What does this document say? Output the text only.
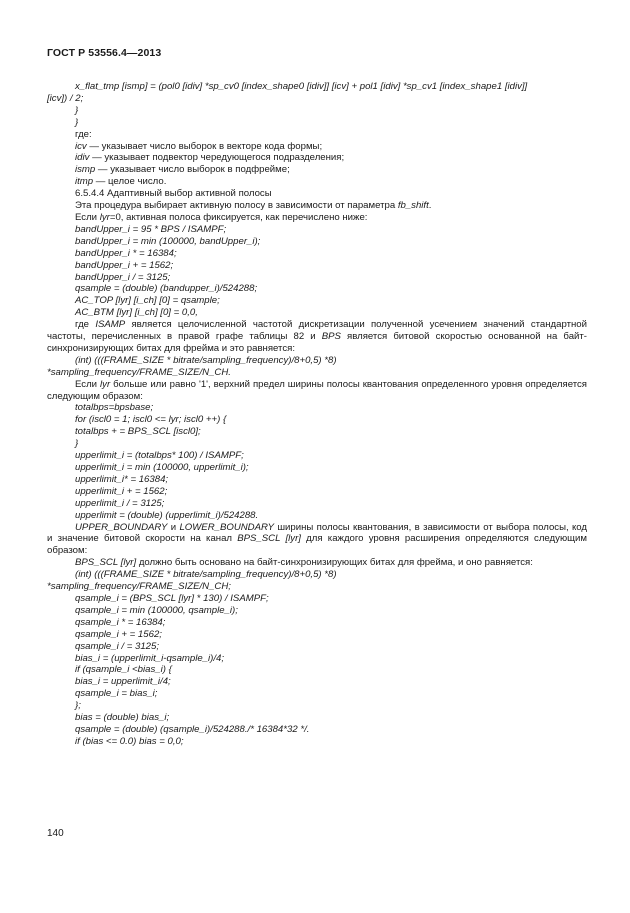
ГОСТ Р 53556.4—2013
x_flat_tmp [ismp] = (pol0 [idiv] *sp_cv0 [index_shape0 [idiv]] [icv] + pol1 [idiv] *sp_cv1 [index_shape1 [idiv]]
[icv]) / 2;
}
}
где:
icv — указывает число выборок в векторе кода формы;
idiv — указывает подвектор чередующегося подразделения;
ismp — указывает число выборок в подфрейме;
itmp — целое число.
6.5.4.4 Адаптивный выбор активной полосы
Эта процедура выбирает активную полосу в зависимости от параметра fb_shift.
Если lyr=0, активная полоса фиксируется, как перечислено ниже:
bandUpper_i = 95 * BPS / ISAMPF;
bandUpper_i = min (100000, bandUpper_i);
bandUpper_i * = 16384;
bandUpper_i + = 1562;
bandUpper_i / = 3125;
qsample = (double) (bandupper_i)/524288;
AC_TOP [lyr] [i_ch] [0] = qsample;
AC_BTM [lyr] [i_ch] [0] = 0,0,
где ISAMP является целочисленной частотой дискретизации полученной усечением значений стандартной частоты, перечисленных в правой графе таблицы 82 и BPS является битовой скоростью основанной на байт-синхронизирующих битах для фрейма и это равняется:
(int) (((FRAME_SIZE * bitrate/sampling_frequency)/8+0,5) *8)
*sampling_frequency/FRAME_SIZE/N_CH.
Если lyr больше или равно '1', верхний предел ширины полосы квантования определенного уровня определяется следующим образом:
totalbps=bpsbase;
for (iscl0 = 1; iscl0 <= lyr; iscl0 ++) {
totalbps + = BPS_SCL [iscl0];
}
upperlimit_i = (totalbps* 100) / ISAMPF;
upperlimit_i = min (100000, upperlimit_i);
upperlimit_i* = 16384;
upperlimit_i + = 1562;
upperlimit_i / = 3125;
upperlimit = (double) (upperlimit_i)/524288.
UPPER_BOUNDARY и LOWER_BOUNDARY ширины полосы квантования, в зависимости от выбора полосы, код и значение битовой скорости на канал BPS_SCL [lyr] для каждого уровня расширения определяются следующим образом:
BPS_SCL [lyr] должно быть основано на байт-синхронизирующих битах для фрейма, и оно равняется:
(int) (((FRAME_SIZE * bitrate/sampling_frequency)/8+0,5) *8)
*sampling_frequency/FRAME_SIZE/N_CH;
qsample_i = (BPS_SCL [lyr] * 130) / ISAMPF;
qsample_i = min (100000, qsample_i);
qsample_i * = 16384;
qsample_i + = 1562;
qsample_i / = 3125;
bias_i = (upperlimit_i-qsample_i)/4;
if (qsample_i <bias_i) {
bias_i = upperlimit_i/4;
qsample_i = bias_i;
};
bias = (double) bias_i;
qsample = (double) (qsample_i)/524288./* 16384*32 */.
if (bias <= 0.0) bias = 0,0;
140
